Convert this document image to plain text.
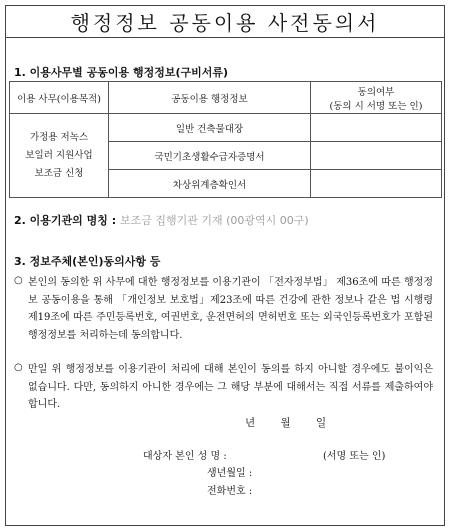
행정정보 공동이용 사전동의서
1. 이용사무별 공동이용 행정정보(구비서류)
이용 사무(이용목적)	공동이용 행정정보	동의여부
(동의 시 서명 또는 인)

가정용 저녹스
보일러 지원사업
보조금 신청	일반 건축물대장	
	국민기초생활수급자증명서	
	차상위계층확인서	
2. 이용기관의 명칭 : 보조금 집행기관 기재 (00광역시 00구)
3. 정보주체(본인)동의사항 등
○ 본인의 동의한 위 사무에 대한 행정정보를 이용기관이 「전자정부법」 제36조에 따른 행정정보 공동이용을 통해 「개인정보 보호법」제23조에 따른 건강에 관한 정보나 같은 법 시행령 제19조에 따른 주민등록번호, 여권번호, 운전면허의 면허번호 또는 외국인등록번호가 포함된 행정정보를 처리하는데 동의합니다.
○ 만일 위 행정정보를 이용기관이 처리에 대해 본인이 동의를 하지 아니할 경우에도 불이익은 없습니다. 다만, 동의하지 아니한 경우에는 그 해당 부분에 대해서는 직접 서류를 제출하여야 합니다.
년 월 일
대상자 본인 성 명 :	(서명 또는 인)
생년월일 :
전화번호 :
